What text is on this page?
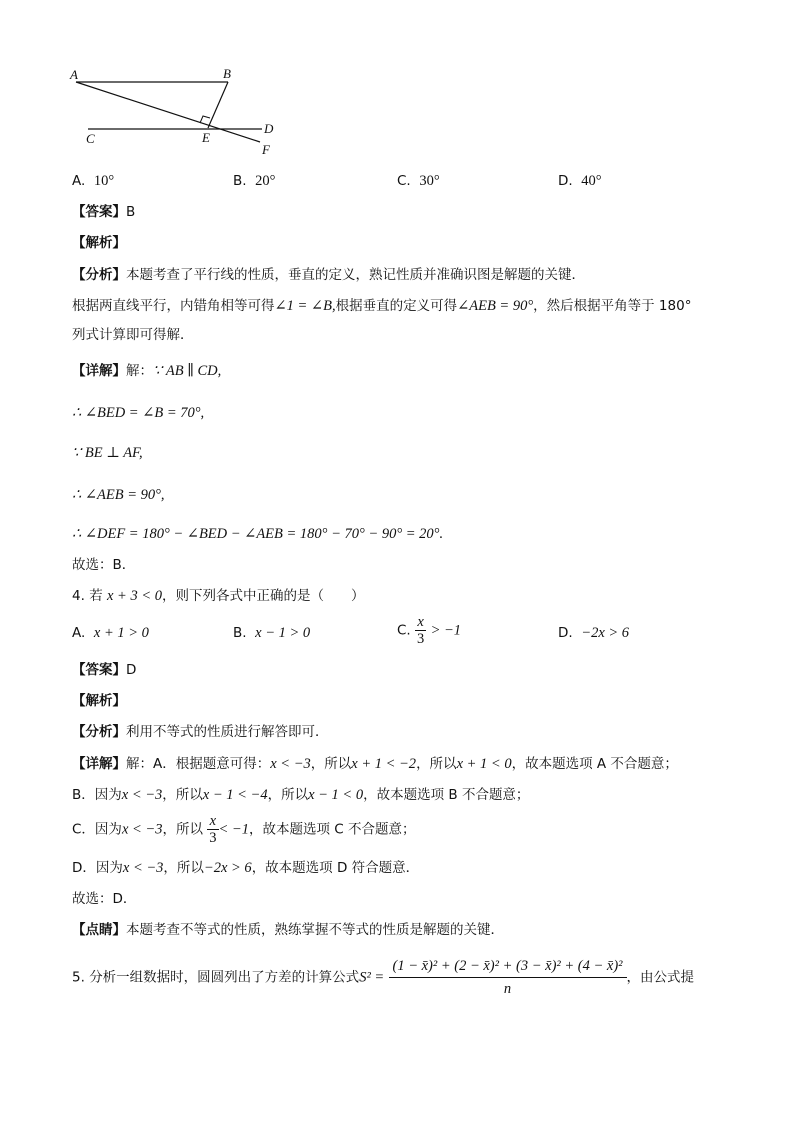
A	B
C
D
E
F
A. 10°	B. 20°	C. 30°	D. 40°
【答案】B
【解析】
【分析】本题考查了平行线的性质，垂直的定义，熟记性质并准确识图是解题的关键．
根据两直线平行，内错角相等可得∠1 = ∠B,根据垂直的定义可得∠AEB = 90°，然后根据平角等于 180°
列式计算即可得解．
【详解】解：∵ AB ∥ CD,
∴ ∠BED = ∠B = 70°,
∵ BE ⊥ AF,
∴ ∠AEB = 90°,
∴ ∠DEF = 180° − ∠BED − ∠AEB = 180° − 70° − 90° = 20°.
故选：B．
4. 若 x + 3 < 0，则下列各式中正确的是（　　）
A. x + 1 > 0	B. x − 1 > 0	C. $\frac{x}{3} > -1$	D. −2x > 6
【答案】D
【解析】
【分析】利用不等式的性质进行解答即可．
【详解】解：A．根据题意可得：x < −3，所以x + 1 < −2，所以x + 1 < 0，故本题选项 A 不合题意；
B．因为x < −3，所以x − 1 < −4，所以x − 1 < 0，故本题选项 B 不合题意；
C．因为x < −3，所以 $\frac{x}{3} < -1$，故本题选项 C 不合题意；
D．因为x < −3，所以−2x > 6，故本题选项 D 符合题意．
故选：D．
【点睛】本题考查不等式的性质，熟练掌握不等式的性质是解题的关键．
5. 分析一组数据时，圆圆列出了方差的计算公式$S^2 = \frac{\text{(1 − x̄)² + (2 − x̄)² + (3 − x̄)² + (4 − x̄)²}}{n}$ ，由公式提
